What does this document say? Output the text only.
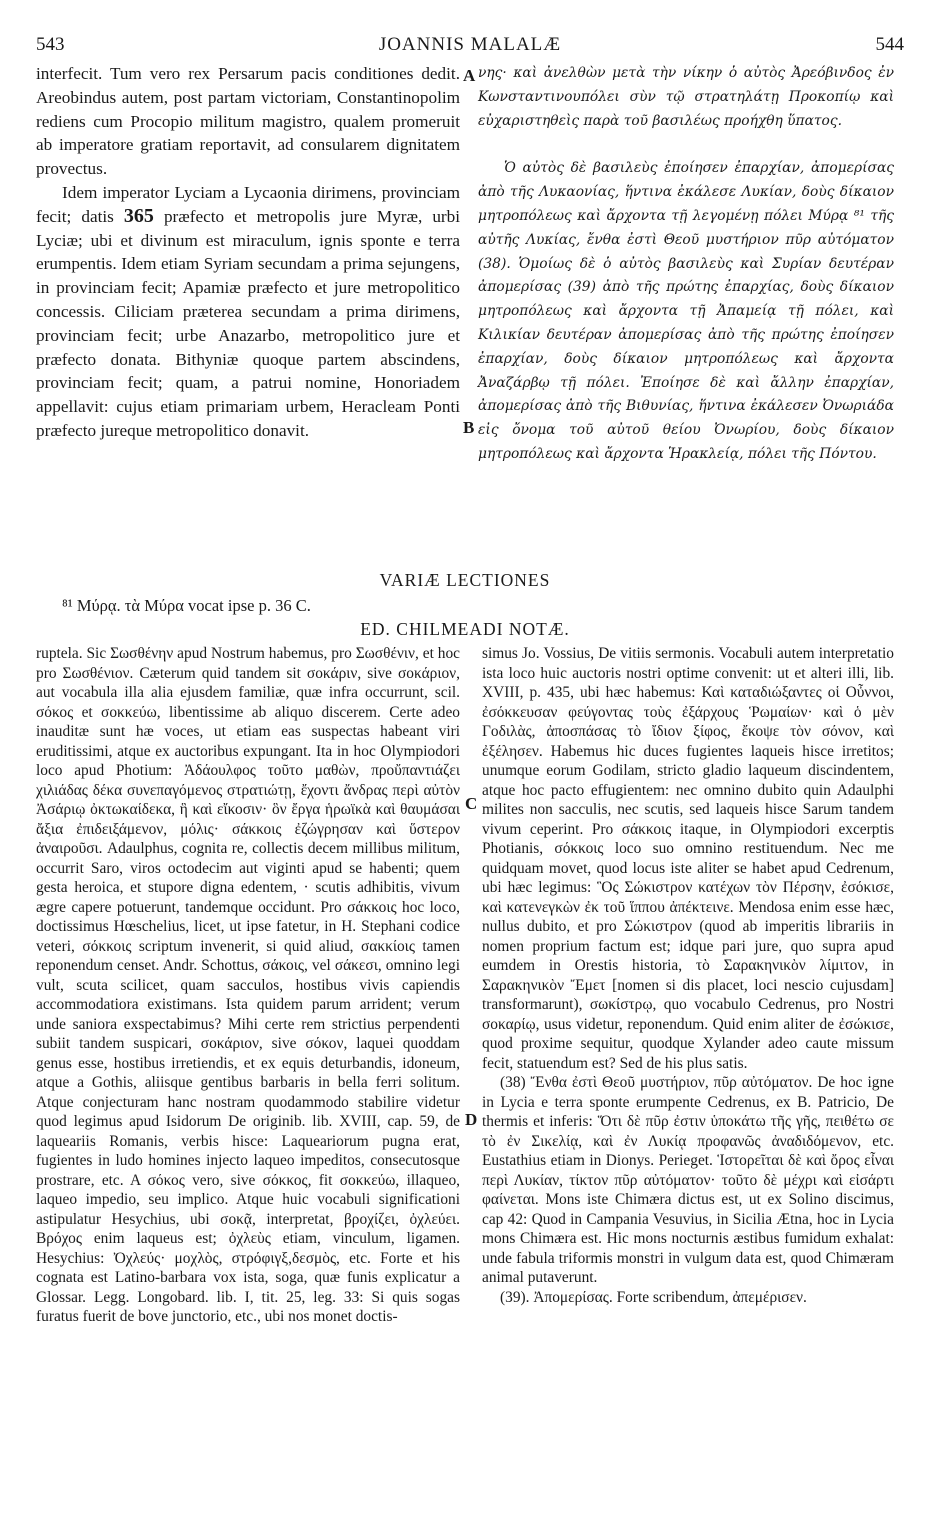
543	JOANNIS MALALÆ	544

interfecit. Tum vero rex Persarum pacis conditiones dedit. Areobindus autem, post partam victoriam, Constantinopolim rediens cum Procopio militum magistro, qualem promeruit ab imperatore gratiam reportavit, ad consularem dignitatem provectus.

Idem imperator Lyciam a Lycaonia dirimens, provinciam fecit; datis 365 præfecto et metropolis jure Myræ, urbi Lyciæ; ubi et divinum est miraculum, ignis sponte e terra erumpentis. Idem etiam Syriam secundam a prima sejungens, in provinciam fecit; Apamiæ præfecto et jure metropolitico concessis. Ciliciam præterea secundam a prima dirimens, provinciam fecit; urbe Anazarbo, metropolitico jure et præfecto donata. Bithyniæ quoque partem abscindens, provinciam fecit; quam, a patrui nomine, Honoriadem appellavit: cujus etiam primariam urbem, Heracleam Ponti præfecto jureque metropolitico donavit.

A
B

νης· καὶ ἀνελθὼν μετὰ τὴν νίκην ὁ αὐτὸς Ἀρεόβινδος ἐν Κωνσταντινουπόλει σὺν τῷ στρατηλάτῃ Προκοπίῳ καὶ εὐχαριστηθεὶς παρὰ τοῦ βασιλέως προήχθη ὕπατος.

Ὁ αὐτὸς δὲ βασιλεὺς ἐποίησεν ἐπαρχίαν, ἀπομερίσας ἀπὸ τῆς Λυκαονίας, ἥντινα ἐκάλεσε Λυκίαν, δοὺς δίκαιον μητροπόλεως καὶ ἄρχοντα τῇ λεγομένῃ πόλει Μύρᾳ ⁸¹ τῆς αὐτῆς Λυκίας, ἔνθα ἐστὶ Θεοῦ μυστήριον πῦρ αὐτόματον (38). Ὁμοίως δὲ ὁ αὐτὸς βασιλεὺς καὶ Συρίαν δευτέραν ἀπομερίσας (39) ἀπὸ τῆς πρώτης ἐπαρχίας, δοὺς δίκαιον μητροπόλεως καὶ ἄρχοντα τῇ Ἀπαμείᾳ τῇ πόλει, καὶ Κιλικίαν δευτέραν ἀπομερίσας ἀπὸ τῆς πρώτης ἐποίησεν ἐπαρχίαν, δοὺς δίκαιον μητροπόλεως καὶ ἄρχοντα Ἀναζάρβῳ τῇ πόλει. Ἐποίησε δὲ καὶ ἄλλην ἐπαρχίαν, ἀπομερίσας ἀπὸ τῆς Βιθυνίας, ἥντινα ἐκάλεσεν Ὀνωριάδα εἰς ὄνομα τοῦ αὐτοῦ θείου Ὀνωρίου, δοὺς δίκαιον μητροπόλεως καὶ ἄρχοντα Ἡρακλείᾳ, πόλει τῆς Πόντου.

VARIÆ LECTIONES
⁸¹ Μύρᾳ. τὰ Μύρα vocat ipse p. 36 C.
ED. CHILMEADI NOTÆ.

ruptela. Sic Σωσθένην apud Nostrum habemus, pro Σωσθένιν, et hoc pro Σωσθένιον. Cæterum quid tandem sit σοκάριν, sive σοκάριον, aut vocabula illa alia ejusdem familiæ, quæ infra occurrunt, scil. σόκος et σοκκεύω, libentissime ab aliquo discerem. Certe adeo inauditæ sunt hæ voces, ut etiam eas suspectas habeant viri eruditissimi, atque ex auctoribus expungant. Ita in hoc Olympiodori loco apud Photium: Ἀδάουλφος τοῦτο μαθὼν, προὔπαντιάζει χιλιάδας δέκα συνεπαγόμενος στρατιώτῃ, ἔχοντι ἄνδρας περὶ αὐτὸν Ἀσάριῳ ὀκτωκαίδεκα, ἣ καὶ εἴκοσιν· ὃν ἔργα ἡρωϊκὰ καὶ θαυμάσαι ἄξια ἐπιδειξάμενον, μόλις· σάκκοις ἐζώγρησαν καὶ ὕστερον ἀναιροῦσι. Adaulphus, cognita re, collectis decem millibus militum, occurrit Saro, viros octodecim aut viginti apud se habenti; quem gesta heroica, et stupore digna edentem, · scutis adhibitis, vivum ægre capere potuerunt, tandemque occidunt. Pro σάκκοις hoc loco, doctissimus Hœschelius, licet, ut ipse fatetur, in H. Stephani codice veteri, σόκκοις scriptum invenerit, si quid aliud, σακκίοις tamen reponendum censet. Andr. Schottus, σάκοις, vel σάκεσι, omnino legi vult, scuta scilicet, quam sacculos, hostibus vivis capiendis accommodatiora existimans. Ista quidem parum arrident; verum unde saniora exspectabimus? Mihi certe rem strictius perpendenti subiit tandem suspicari, σοκάριον, sive σόκον, laquei quoddam genus esse, hostibus irretiendis, et ex equis deturbandis, idoneum, atque a Gothis, aliisque gentibus barbaris in bella ferri solitum. Atque conjecturam hanc nostram quodammodo stabilire videtur quod legimus apud Isidorum De originib. lib. XVIII, cap. 59, de laqueariis Romanis, verbis hisce: Laqueariorum pugna erat, fugientes in ludo homines injecto laqueo impeditos, consecutosque prostrare, etc. A σόκος vero, sive σόκκος, fit σοκκεύω, illaqueo, laqueo impedio, seu implico. Atque huic vocabuli significationi astipulatur Hesychius, ubi σοκᾷ, interpretat, βροχίζει, ὀχλεύει. Βρόχος enim laqueus est; ὀχλεὺς etiam, vinculum, ligamen. Hesychius: Ὀχλεύς· μοχλὸς, στρόφιγξ,δεσμὸς, etc. Forte et his cognata est Latino-barbara vox ista, soga, quæ funis explicatur a Glossar. Legg. Longobard. lib. I, tit. 25, leg. 33: Si quis sogas furatus fuerit de bove junctorio, etc., ubi nos monet doctis-

C
D

simus Jo. Vossius, De vitiis sermonis. Vocabuli autem interpretatio ista loco huic auctoris nostri optime convenit: ut et alteri illi, lib. XVIII, p. 435, ubi hæc habemus: Καὶ καταδιώξαντες οἱ Οὖννοι, ἐσόκκευσαν φεύγοντας τοὺς ἐξάρχους Ῥωμαίων· καὶ ὁ μὲν Γοδιλὰς, ἀποσπάσας τὸ ἴδιον ξίφος, ἔκοψε τὸν σόνον, καὶ ἐξέλησεν. Habemus hic duces fugientes laqueis hisce irretitos; unumque eorum Godilam, stricto gladio laqueum discindentem, atque hoc pacto effugientem: nec omnino dubito quin Adaulphi milites non sacculis, nec scutis, sed laqueis hisce Sarum tandem vivum ceperint. Pro σάκκοις itaque, in Olympiodori excerptis Photianis, σόκκοις loco suo omnino restituendum. Nec me quidquam movet, quod locus iste aliter se habet apud Cedrenum, ubi hæc legimus: Ὃς Σώκιστρον κατέχων τὸν Πέρσην, ἐσόκισε, καὶ κατενεγκὼν ἐκ τοῦ ἵππου ἀπέκτεινε. Mendosa enim esse hæc, nullus dubito, et pro Σώκιστρον (quod ab imperitis librariis in nomen proprium factum est; idque pari jure, quo supra apud eumdem in Orestis historia, τὸ Σαρακηνικὸν λίμιτον, in Σαρακηνικὸν Ἔμετ [nomen si dis placet, loci nescio cujusdam] transformarunt), σωκίστρῳ, quo vocabulo Cedrenus, pro Nostri σοκαρίῳ, usus videtur, reponendum. Quid enim aliter de ἐσώκισε, quod proxime sequitur, quodque Xylander adeo caute missum fecit, statuendum est? Sed de his plus satis.

(38) Ἔνθα ἐστὶ Θεοῦ μυστήριον, πῦρ αὐτόματον. De hoc igne in Lycia e terra sponte erumpente Cedrenus, ex B. Patricio, De thermis et inferis: Ὅτι δὲ πῦρ ἐστιν ὑποκάτω τῆς γῆς, πειθέτω σε τὸ ἐν Σικελίᾳ, καὶ ἐν Λυκίᾳ προφανῶς ἀναδιδόμενον, etc. Eustathius etiam in Dionys. Perieget. Ἱστορεῖται δὲ καὶ ὄρος εἶναι περὶ Λυκίαν, τίκτον πῦρ αὐτόματον· τοῦτο δὲ μέχρι καὶ εἰσάρτι φαίνεται. Mons iste Chimæra dictus est, ut ex Solino discimus, cap 42: Quod in Campania Vesuvius, in Sicilia Ætna, hoc in Lycia mons Chimæra est. Hic mons nocturnis æstibus fumidum exhalat: unde fabula triformis monstri in vulgum data est, quod Chimæram animal putaverunt.

(39). Ἀπομερίσας. Forte scribendum, ἀπεμέρισεν.
